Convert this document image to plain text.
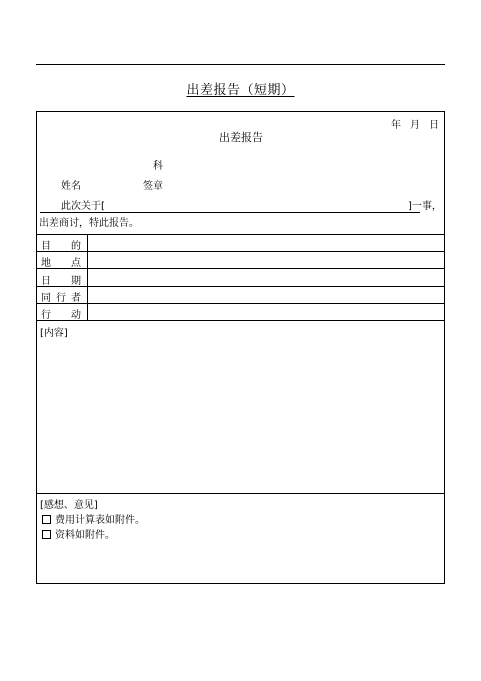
出差报告（短期）
年 月 日
出差报告
科
姓名	签章
此次关于[	]一事，
出差商讨，特此报告。
目 的
地 点
日 期
同 行 者
行 动
[内容]
[感想、意见]
费用计算表如附件。
资料如附件。
